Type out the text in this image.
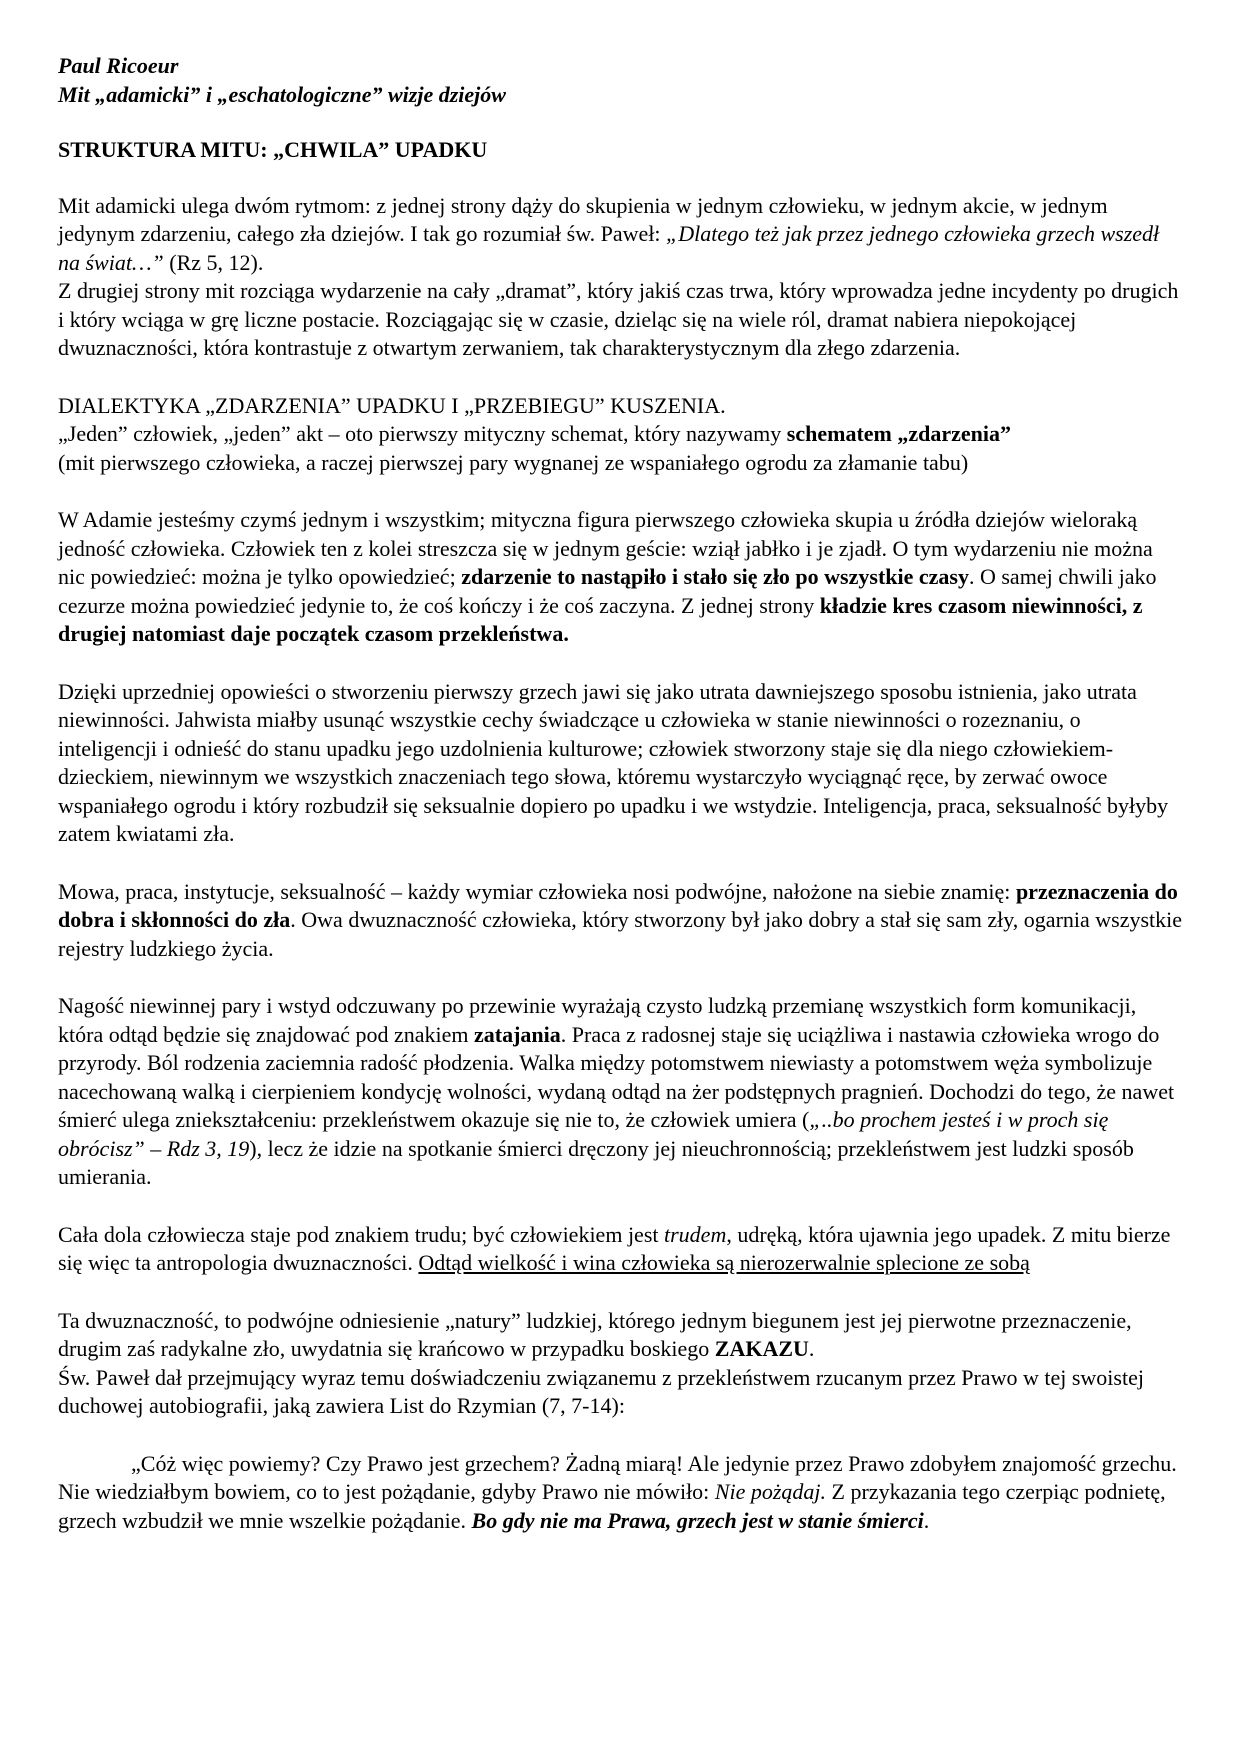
Paul Ricoeur

Mit „adamicki” i „eschatologiczne” wizje dziejów

STRUKTURA MITU: „CHWILA” UPADKU

Mit adamicki ulega dwóm rytmom: z jednej strony dąży do skupienia w jednym człowieku, w jednym akcie, w jednym jedynym zdarzeniu, całego zła dziejów. I tak go rozumiał św. Paweł: „Dlatego też jak przez jednego człowieka grzech wszedł na świat…” (Rz 5, 12).

Z drugiej strony mit rozciąga wydarzenie na cały „dramat”, który jakiś czas trwa, który wprowadza jedne incydenty po drugich i który wciąga w grę liczne postacie. Rozciągając się w czasie, dzieląc się na wiele ról, dramat nabiera niepokojącej dwuznaczności, która kontrastuje z otwartym zerwaniem, tak charakterystycznym dla złego zdarzenia.

DIALEKTYKA „ZDARZENIA” UPADKU I „PRZEBIEGU” KUSZENIA.

„Jeden” człowiek, „jeden” akt – oto pierwszy mityczny schemat, który nazywamy schematem „zdarzenia”
(mit pierwszego człowieka, a raczej pierwszej pary wygnanej ze wspaniałego ogrodu za złamanie tabu)

W Adamie jesteśmy czymś jednym i wszystkim; mityczna figura pierwszego człowieka skupia u źródła dziejów wieloraką jedność człowieka. Człowiek ten z kolei streszcza się w jednym geście: wziął jabłko i je zjadł. O tym wydarzeniu nie można nic powiedzieć: można je tylko opowiedzieć; zdarzenie to nastąpiło i stało się zło po wszystkie czasy. O samej chwili jako cezurze można powiedzieć jedynie to, że coś kończy i że coś zaczyna. Z jednej strony kładzie kres czasom niewinności, z drugiej natomiast daje początek czasom przekleństwa.

Dzięki uprzedniej opowieści o stworzeniu pierwszy grzech jawi się jako utrata dawniejszego sposobu istnienia, jako utrata niewinności. Jahwista miałby usunąć wszystkie cechy świadczące u człowieka w stanie niewinności o rozeznaniu, o inteligencji i odnieść do stanu upadku jego uzdolnienia kulturowe; człowiek stworzony staje się dla niego człowiekiem-dzieckiem, niewinnym we wszystkich znaczeniach tego słowa, któremu wystarczyło wyciągnąć ręce, by zerwać owoce wspaniałego ogrodu i który rozbudził się seksualnie dopiero po upadku i we wstydzie. Inteligencja, praca, seksualność byłyby zatem kwiatami zła.

Mowa, praca, instytucje, seksualność – każdy wymiar człowieka nosi podwójne, nałożone na siebie znamię: przeznaczenia do dobra i skłonności do zła. Owa dwuznaczność człowieka, który stworzony był jako dobry a stał się sam zły, ogarnia wszystkie rejestry ludzkiego życia.

Nagość niewinnej pary i wstyd odczuwany po przewinie wyrażają czysto ludzką przemianę wszystkich form komunikacji, która odtąd będzie się znajdować pod znakiem zatajania. Praca z radosnej staje się uciążliwa i nastawia człowieka wrogo do przyrody. Ból rodzenia zaciemnia radość płodzenia. Walka między potomstwem niewiasty a potomstwem węża symbolizuje nacechowaną walką i cierpieniem kondycję wolności, wydaną odtąd na żer podstępnych pragnień. Dochodzi do tego, że nawet śmierć ulega zniekształceniu: przekleństwem okazuje się nie to, że człowiek umiera („..bo prochem jesteś i w proch się obrócisz” – Rdz 3, 19), lecz że idzie na spotkanie śmierci dręczony jej nieuchronnością; przekleństwem jest ludzki sposób umierania.

Cała dola człowiecza staje pod znakiem trudu; być człowiekiem jest trudem, udręką, która ujawnia jego upadek. Z mitu bierze się więc ta antropologia dwuznaczności. Odtąd wielkość i wina człowieka są nierozerwalnie splecione ze sobą

Ta dwuznaczność, to podwójne odniesienie „natury” ludzkiej, którego jednym biegunem jest jej pierwotne przeznaczenie, drugim zaś radykalne zło, uwydatnia się krańcowo w przypadku boskiego ZAKAZU.

Św. Paweł dał przejmujący wyraz temu doświadczeniu związanemu z przekleństwem rzucanym przez Prawo w tej swoistej duchowej autobiografii, jaką zawiera List do Rzymian (7, 7-14):

„Cóż więc powiemy? Czy Prawo jest grzechem? Żadną miarą! Ale jedynie przez Prawo zdobyłem znajomość grzechu. Nie wiedziałbym bowiem, co to jest pożądanie, gdyby Prawo nie mówiło: Nie pożądaj. Z przykazania tego czerpiąc podnietę, grzech wzbudził we mnie wszelkie pożądanie. Bo gdy nie ma Prawa, grzech jest w stanie śmierci.
